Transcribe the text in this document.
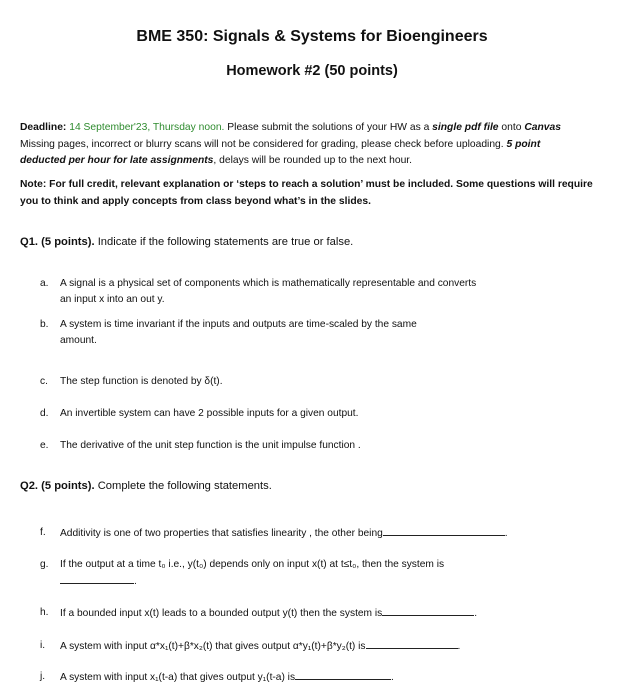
BME 350: Signals & Systems for Bioengineers
Homework #2 (50 points)
Deadline: 14 September'23, Thursday noon. Please submit the solutions of your HW as a single pdf file onto Canvas
Missing pages, incorrect or blurry scans will not be considered for grading, please check before uploading. 5 point
deducted per hour for late assignments, delays will be rounded up to the next hour.
Note: For full credit, relevant explanation or ‘steps to reach a solution’ must be included. Some questions will require
you to think and apply concepts from class beyond what’s in the slides.
Q1. (5 points). Indicate if the following statements are true or false.
a.	A signal is a physical set of components which is mathematically representable and converts
an input x into an out y.
b.	A system is time invariant if the inputs and outputs are time-scaled by the same
amount.
c.	The step function is denoted by δ(t).
d.	An invertible system can have 2 possible inputs for a given output.
e.	The derivative of the unit step function is the unit impulse function .
Q2. (5 points). Complete the following statements.
f.	Additivity is one of two properties that satisfies linearity , the other being	.
g.	If the output at a time t₀ i.e., y(t₀) depends only on input x(t) at t≤t₀, then the system is
.
h.	If a bounded input x(t) leads to a bounded output y(t) then the system is	.
i.	A system with input α*x₁(t)+β*x₂(t) that gives output α*y₁(t)+β*y₂(t) is	.
j.	A system with input x₁(t-a) that gives output y₁(t-a) is	.
